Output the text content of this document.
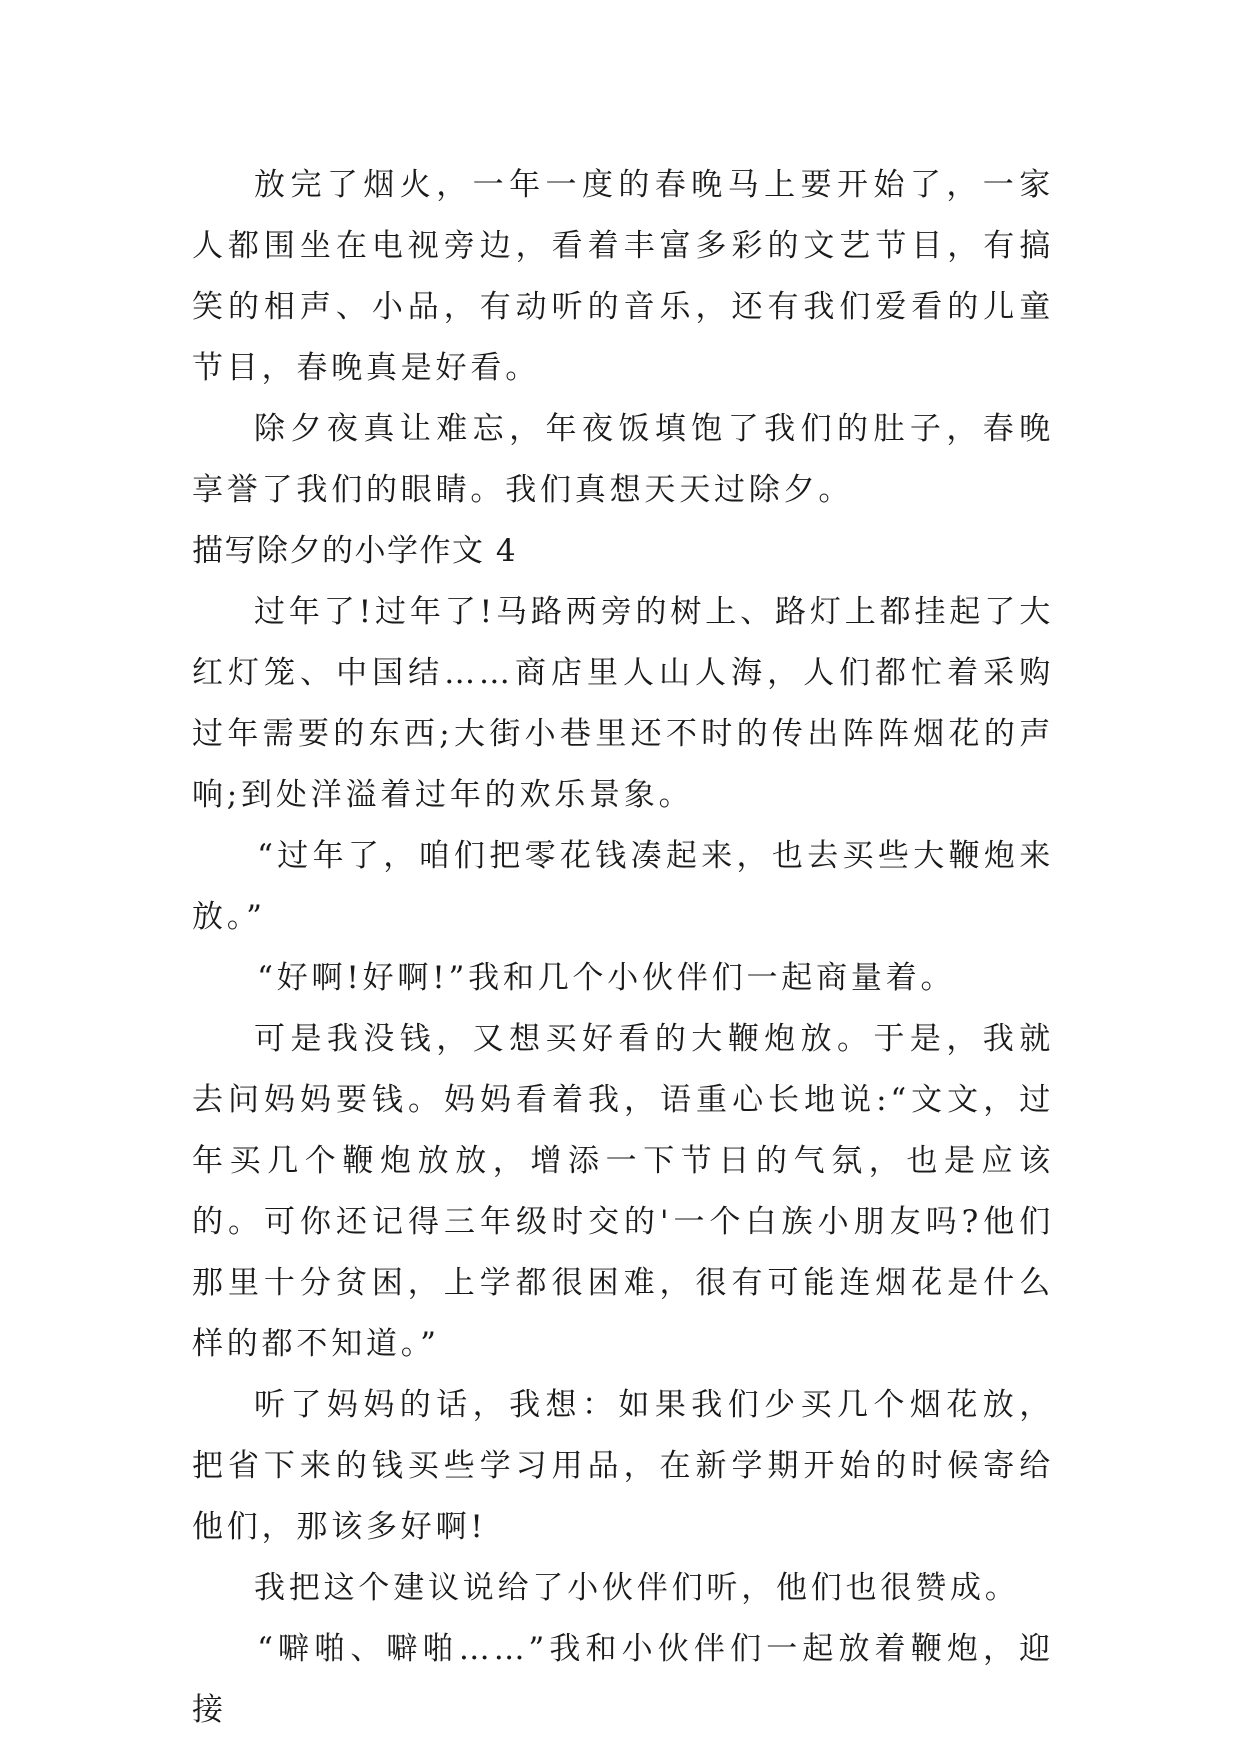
放完了烟火，一年一度的春晚马上要开始了，一家人都围坐在电视旁边，看着丰富多彩的文艺节目，有搞笑的相声、小品，有动听的音乐，还有我们爱看的儿童节目，春晚真是好看。

除夕夜真让难忘，年夜饭填饱了我们的肚子，春晚享誉了我们的眼睛。我们真想天天过除夕。

描写除夕的小学作文 4

过年了!过年了!马路两旁的树上、路灯上都挂起了大红灯笼、中国结……商店里人山人海，人们都忙着采购过年需要的东西;大街小巷里还不时的传出阵阵烟花的声响;到处洋溢着过年的欢乐景象。

“过年了，咱们把零花钱凑起来，也去买些大鞭炮来放。”

“好啊!好啊!”我和几个小伙伴们一起商量着。

可是我没钱，又想买好看的大鞭炮放。于是，我就去问妈妈要钱。妈妈看着我，语重心长地说:“文文，过年买几个鞭炮放放，增添一下节日的气氛，也是应该的。可你还记得三年级时交的'一个白族小朋友吗?他们那里十分贫困，上学都很困难，很有可能连烟花是什么样的都不知道。”

听了妈妈的话，我想：如果我们少买几个烟花放，把省下来的钱买些学习用品，在新学期开始的时候寄给他们，那该多好啊!

我把这个建议说给了小伙伴们听，他们也很赞成。

“噼啪、噼啪……”我和小伙伴们一起放着鞭炮，迎接
